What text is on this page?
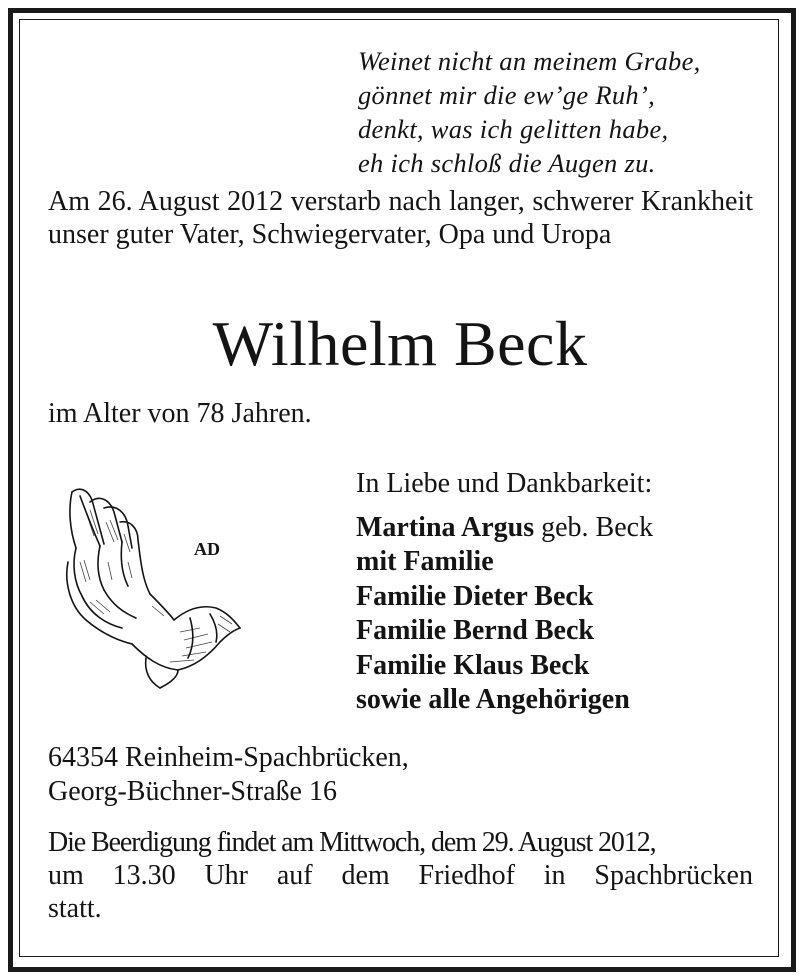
Weinet nicht an meinem Grabe,
gönnet mir die ew’ge Ruh’,
denkt, was ich gelitten habe,
eh ich schloß die Augen zu.
Am 26. August 2012 verstarb nach langer, schwerer Krankheit unser guter Vater, Schwiegervater, Opa und Uropa
Wilhelm Beck
im Alter von 78 Jahren.
AD
In Liebe und Dankbarkeit:
Martina Argus geb. Beck
mit Familie
Familie Dieter Beck
Familie Bernd Beck
Familie Klaus Beck
sowie alle Angehörigen
64354 Reinheim-Spachbrücken,
Georg-Büchner-Straße 16
Die Beerdigung findet am Mittwoch, dem 29. August 2012,
um 13.30 Uhr auf dem Friedhof in Spachbrücken
statt.
